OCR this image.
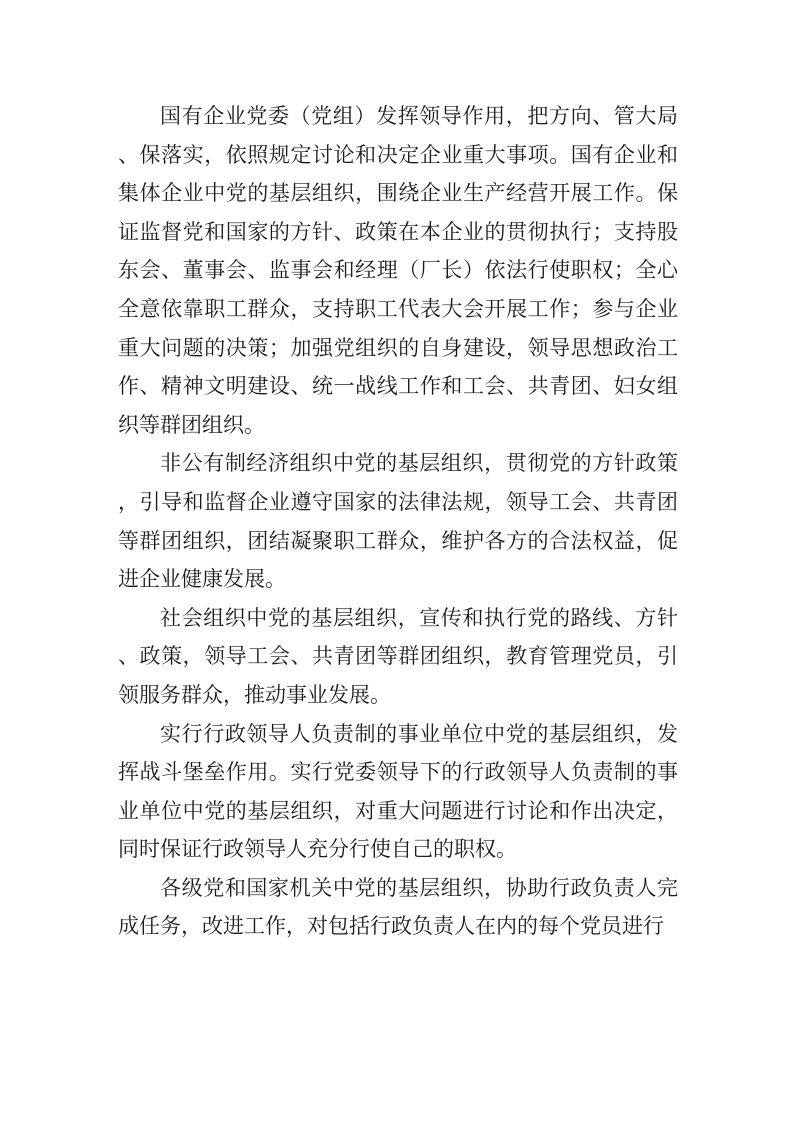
国有企业党委（党组）发挥领导作用，把方向、管大局、保落实，依照规定讨论和决定企业重大事项。国有企业和集体企业中党的基层组织，围绕企业生产经营开展工作。保证监督党和国家的方针、政策在本企业的贯彻执行；支持股东会、董事会、监事会和经理（厂长）依法行使职权；全心全意依靠职工群众，支持职工代表大会开展工作；参与企业重大问题的决策；加强党组织的自身建设，领导思想政治工作、精神文明建设、统一战线工作和工会、共青团、妇女组织等群团组织。

非公有制经济组织中党的基层组织，贯彻党的方针政策，引导和监督企业遵守国家的法律法规，领导工会、共青团等群团组织，团结凝聚职工群众，维护各方的合法权益，促进企业健康发展。

社会组织中党的基层组织，宣传和执行党的路线、方针、政策，领导工会、共青团等群团组织，教育管理党员，引领服务群众，推动事业发展。

实行行政领导人负责制的事业单位中党的基层组织，发挥战斗堡垒作用。实行党委领导下的行政领导人负责制的事业单位中党的基层组织，对重大问题进行讨论和作出决定，同时保证行政领导人充分行使自己的职权。

各级党和国家机关中党的基层组织，协助行政负责人完成任务，改进工作，对包括行政负责人在内的每个党员进行
